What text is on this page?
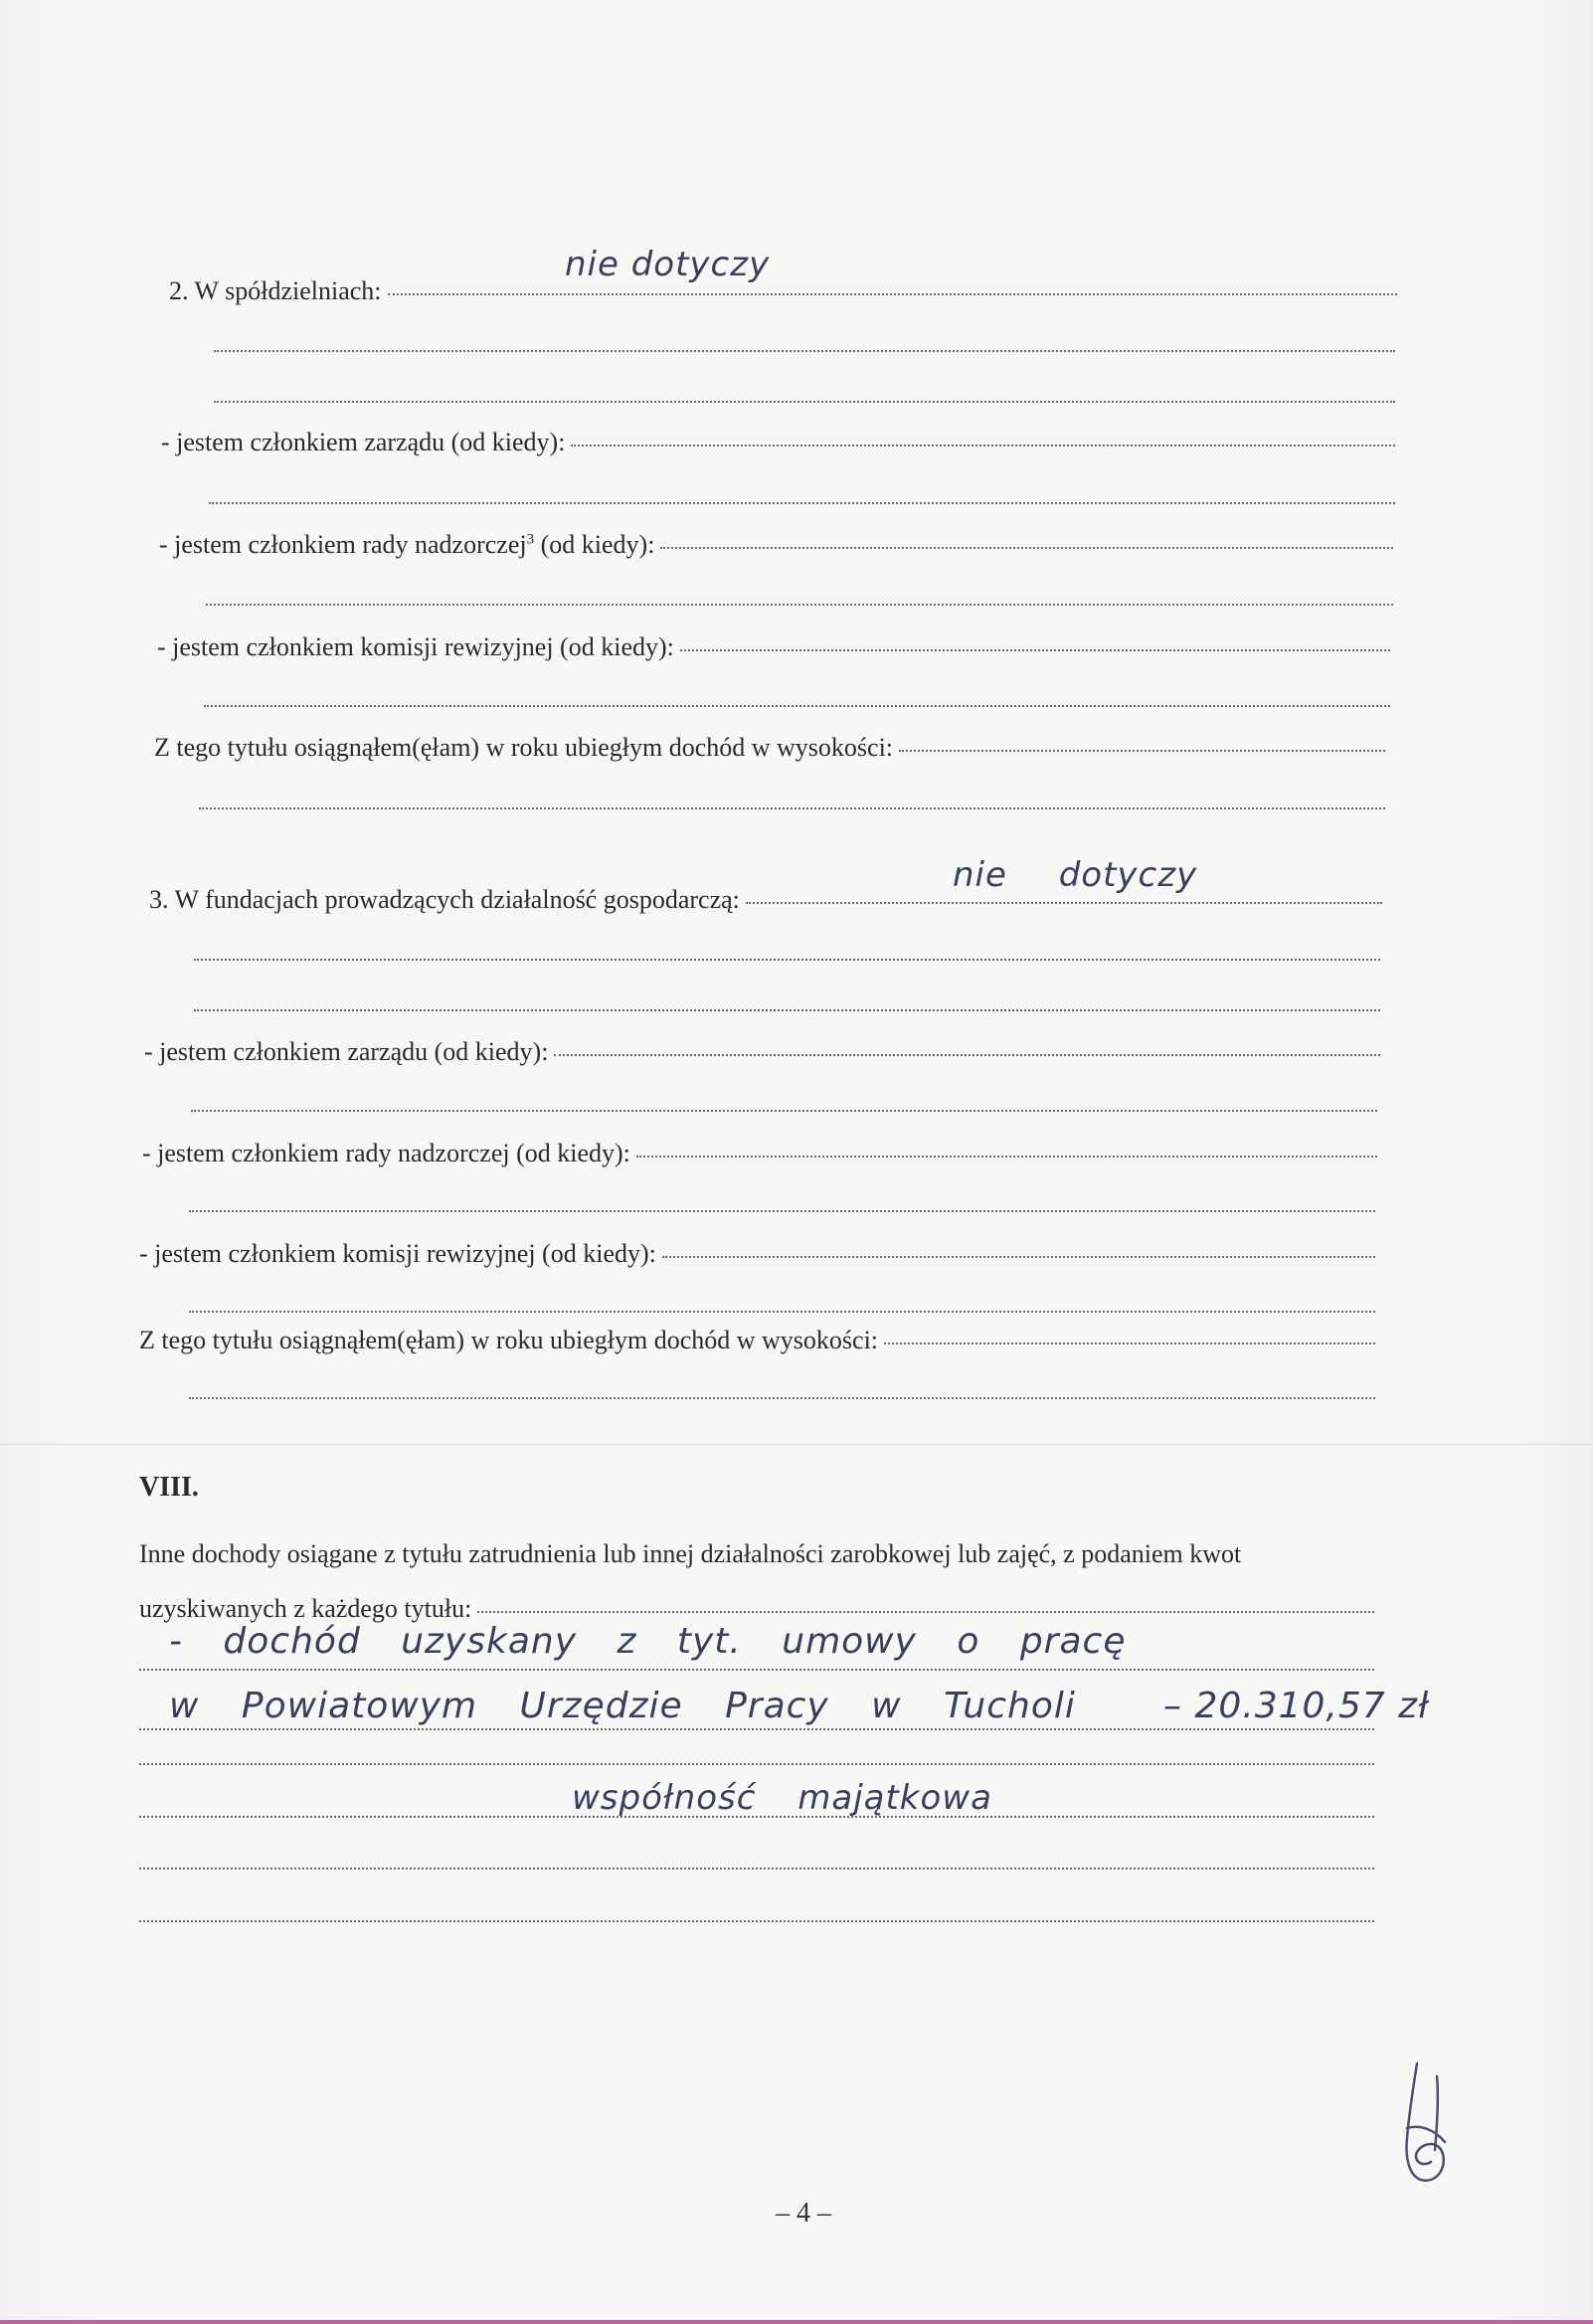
2. W spółdzielniach:
nie dotyczy
- jestem członkiem zarządu (od kiedy):
- jestem członkiem rady nadzorczej$^3$ (od kiedy):
- jestem członkiem komisji rewizyjnej (od kiedy):
Z tego tytułu osiągnąłem(ęłam) w roku ubiegłym dochód w wysokości:
3. W fundacjach prowadzących działalność gospodarczą:
nie dotyczy
- jestem członkiem zarządu (od kiedy):
- jestem członkiem rady nadzorczej (od kiedy):
- jestem członkiem komisji rewizyjnej (od kiedy):
Z tego tytułu osiągnąłem(ęłam) w roku ubiegłym dochód w wysokości:
VIII.
Inne dochody osiągane z tytułu zatrudnienia lub innej działalności zarobkowej lub zajęć, z podaniem kwot
uzyskiwanych z każdego tytułu:
- dochód uzyskany z tyt. umowy o pracę
w Powiatowym Urzędzie Pracy w Tucholi – 20.310,57 zł
współność majątkowa
– 4 –
